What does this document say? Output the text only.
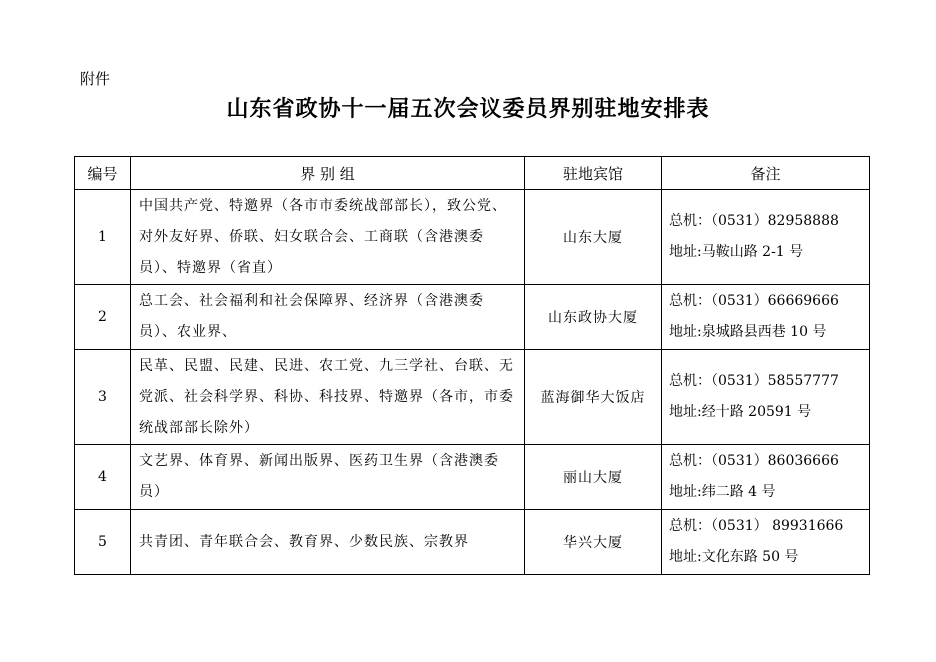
附件
山东省政协十一届五次会议委员界别驻地安排表
编号	界 别 组	驻地宾馆	备注
1	中国共产党、特邀界（各市市委统战部部长），致公党、对外友好界、侨联、妇女联合会、工商联（含港澳委员）、特邀界（省直）	山东大厦	总机：（0531）82958888
地址:马鞍山路 2-1 号

2	总工会、社会福利和社会保障界、经济界（含港澳委员）、农业界、	山东政协大厦	总机：（0531）66669666
地址:泉城路县西巷 10 号

3	民革、民盟、民建、民进、农工党、九三学社、台联、无党派、社会科学界、科协、科技界、特邀界（各市，市委统战部部长除外）	蓝海御华大饭店	总机：（0531）58557777
地址:经十路 20591 号

4	文艺界、体育界、新闻出版界、医药卫生界（含港澳委员）	丽山大厦	总机：（0531）86036666
地址:纬二路 4 号

5	共青团、青年联合会、教育界、少数民族、宗教界	华兴大厦	总机：（0531） 89931666
地址:文化东路 50 号
